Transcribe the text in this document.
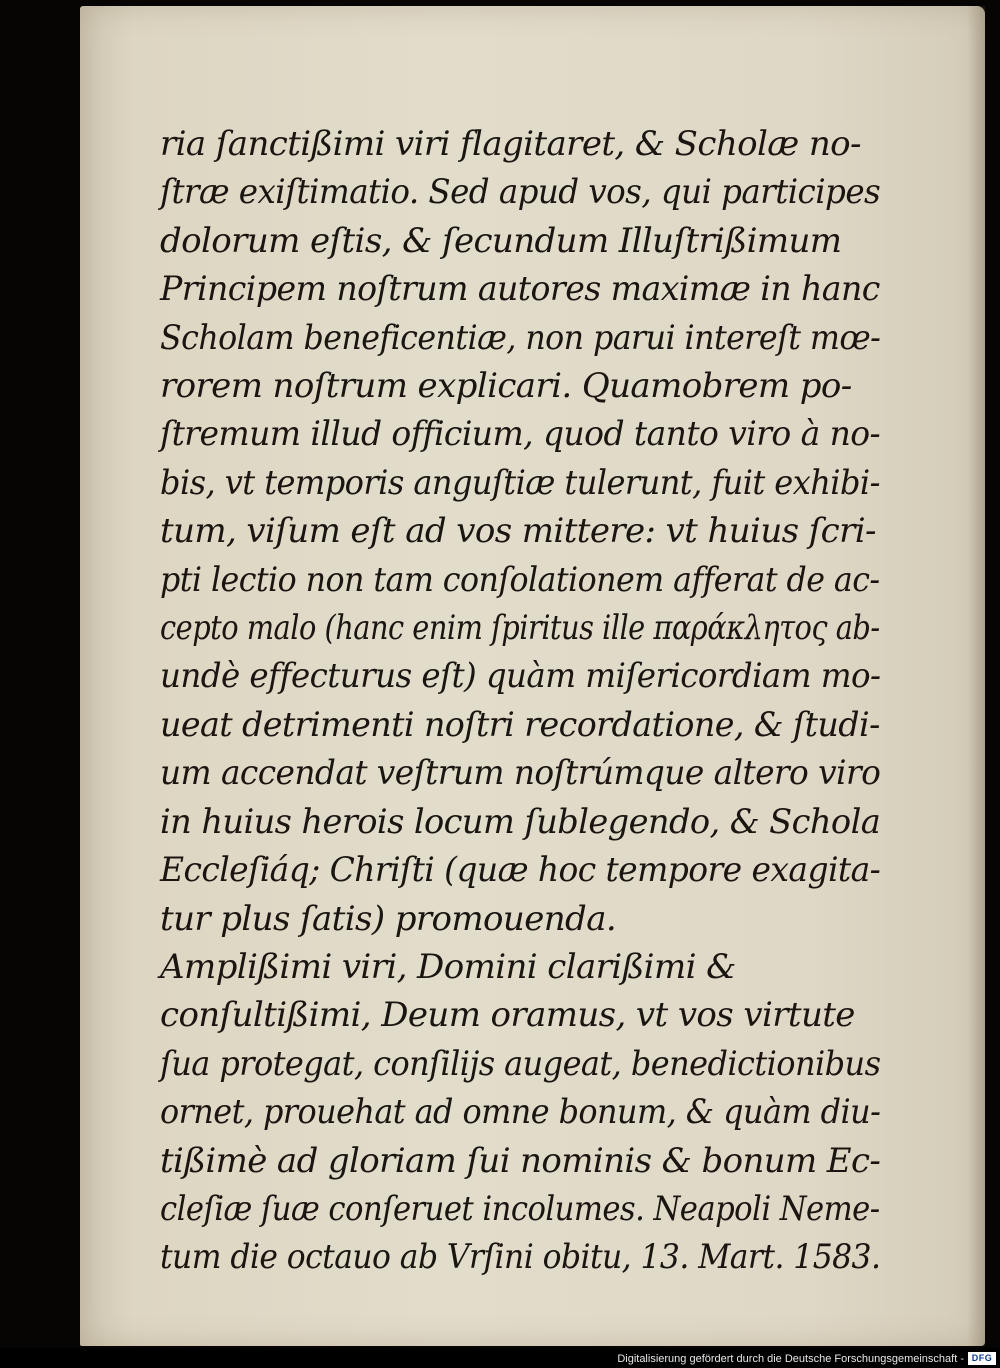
ria ſanctißimi viri flagitaret, & Scholæ no-
ſtræ exiſtimatio. Sed apud vos, qui participes
dolorum eſtis, & ſecundum Illuſtrißimum
Principem noſtrum autores maximæ in hanc
Scholam beneficentiæ, non parui intereſt mœ-
rorem noſtrum explicari. Quamobrem po-
ſtremum illud officium, quod tanto viro à no-
bis, vt temporis anguſtiæ tulerunt, fuit exhibi-
tum, viſum eſt ad vos mittere: vt huius ſcri-
pti lectio non tam conſolationem afferat de ac-
cepto malo (hanc enim ſpiritus ille παράκλητος ab-
undè effecturus eſt) quàm miſericordiam mo-
ueat detrimenti noſtri recordatione, & ſtudi-
um accendat veſtrum noſtrúmque altero viro
in huius herois locum ſublegendo, & Schola
Eccleſiáq; Chriſti (quæ hoc tempore exagita-
tur plus ſatis) promouenda.
Amplißimi viri, Domini clarißimi &
conſultißimi, Deum oramus, vt vos virtute
ſua protegat, conſilijs augeat, benedictionibus
ornet, prouehat ad omne bonum, & quàm diu-
tißimè ad gloriam ſui nominis & bonum Ec-
cleſiæ ſuæ conſeruet incolumes. Neapoli Neme-
tum die octauo ab Vrſini obitu, 13. Mart. 1583.
Digitalisierung gefördert durch die Deutsche Forschungsgemeinschaft - DFG
